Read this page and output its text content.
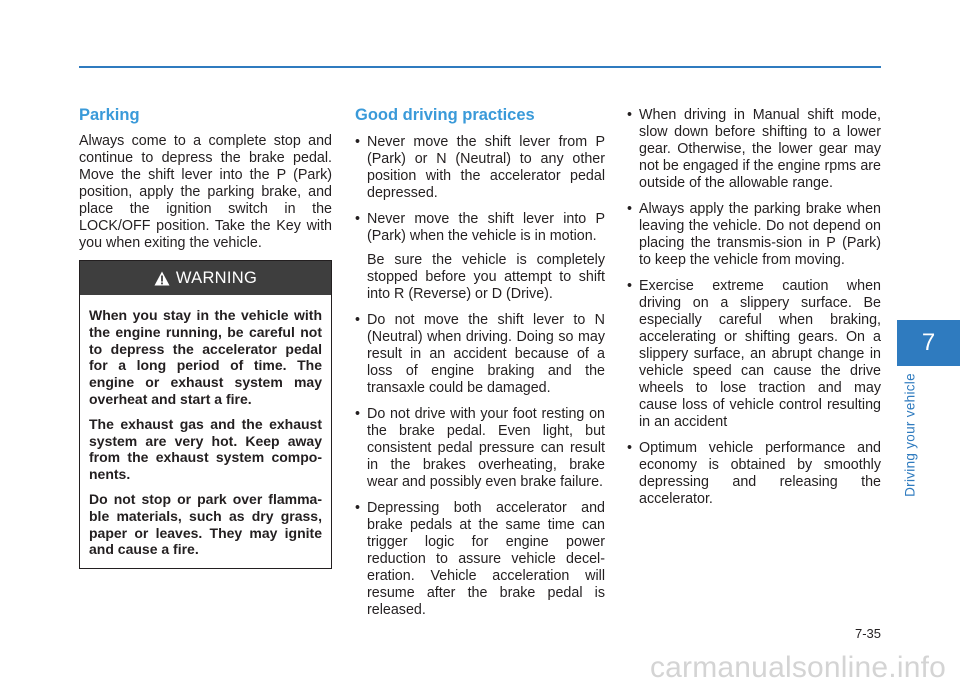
Parking

Always come to a complete stop and continue to depress the brake pedal. Move the shift lever into the P (Park) position, apply the parking brake, and place the ignition switch in the LOCK/OFF position. Take the Key with you when exiting the vehicle.

WARNING

When you stay in the vehicle with the engine running, be careful not to depress the accelerator pedal for a long period of time. The engine or exhaust system may overheat and start a fire.

The exhaust gas and the exhaust system are very hot. Keep away from the exhaust system compo-nents.

Do not stop or park over flamma-ble materials, such as dry grass, paper or leaves. They may ignite and cause a fire.

Good driving practices
• Never move the shift lever from P (Park) or N (Neutral) to any other position with the accelerator pedal depressed.
• Never move the shift lever into P (Park) when the vehicle is in motion.

Be sure the vehicle is completely stopped before you attempt to shift into R (Reverse) or D (Drive).

• Do not move the shift lever to N (Neutral) when driving. Doing so may result in an accident because of a loss of engine braking and the transaxle could be damaged.
• Do not drive with your foot resting on the brake pedal. Even light, but consistent pedal pressure can result in the brakes overheating, brake wear and possibly even brake failure.
• Depressing both accelerator and brake pedals at the same time can trigger logic for engine power reduction to assure vehicle decel-eration. Vehicle acceleration will resume after the brake pedal is released.
• When driving in Manual shift mode, slow down before shifting to a lower gear. Otherwise, the lower gear may not be engaged if the engine rpms are outside of the allowable range.
• Always apply the parking brake when leaving the vehicle. Do not depend on placing the transmis-sion in P (Park) to keep the vehicle from moving.
• Exercise extreme caution when driving on a slippery surface. Be especially careful when braking, accelerating or shifting gears. On a slippery surface, an abrupt change in vehicle speed can cause the drive wheels to lose traction and may cause loss of vehicle control resulting in an accident
• Optimum vehicle performance and economy is obtained by smoothly depressing and releasing the accelerator.
7
Driving your vehicle
7-35
carmanualsonline.info
